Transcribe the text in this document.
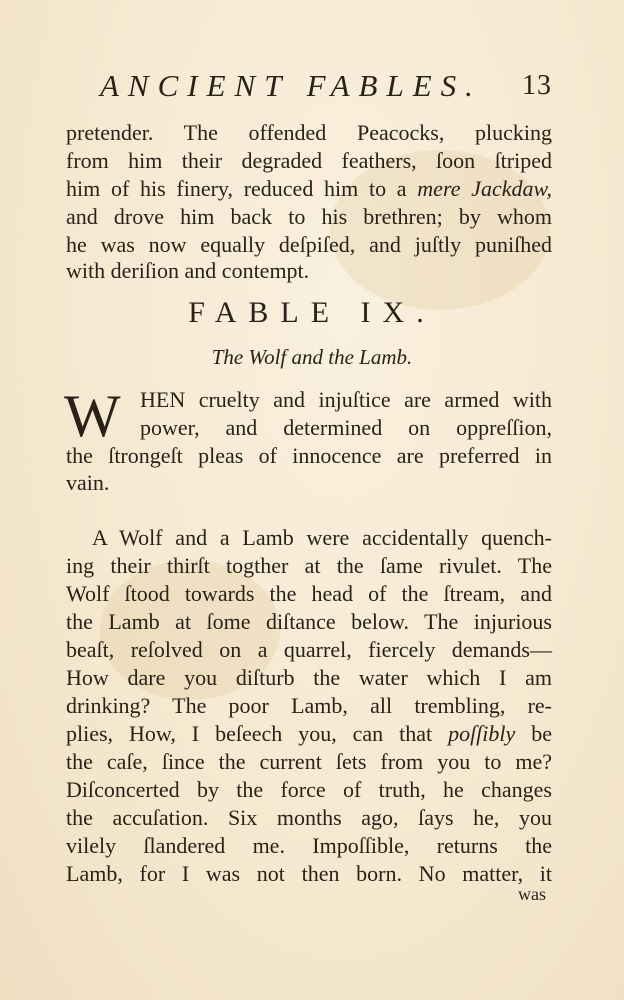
ANCIENT FABLES. 13
pretender. The offended Peacocks, plucking
from him their degraded feathers, ſoon ſtriped
him of his finery, reduced him to a mere Jackdaw,
and drove him back to his brethren; by whom
he was now equally deſpiſed, and juſtly puniſhed
with deriſion and contempt.
FABLE IX.
The Wolf and the Lamb.
W HEN cruelty and injuſtice are armed with
power, and determined on oppreſſion,
the ſtrongeſt pleas of innocence are preferred in
vain.
A Wolf and a Lamb were accidentally quench-
ing their thirſt togther at the ſame rivulet. The
Wolf ſtood towards the head of the ſtream, and
the Lamb at ſome diſtance below. The injurious
beaſt, reſolved on a quarrel, fiercely demands—
How dare you diſturb the water which I am
drinking? The poor Lamb, all trembling, re-
plies, How, I beſeech you, can that poſſibly be
the caſe, ſince the current ſets from you to me?
Diſconcerted by the force of truth, he changes
the accuſation. Six months ago, ſays he, you
vilely ſlandered me. Impoſſible, returns the
Lamb, for I was not then born. No matter, it
was
